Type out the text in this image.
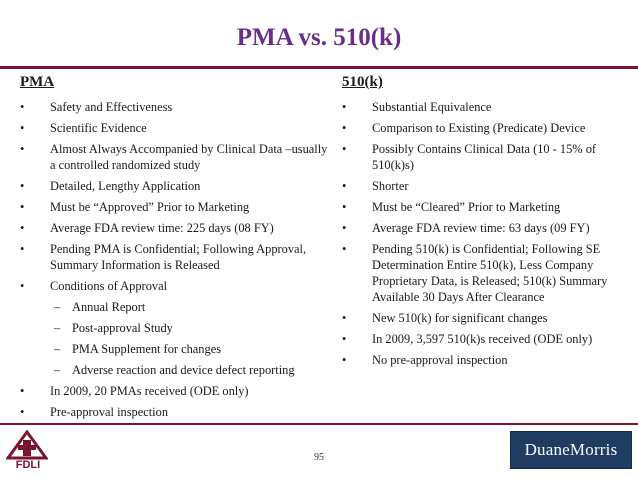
PMA vs. 510(k)
PMA
•	Safety and Effectiveness
•	Scientific Evidence
•	Almost Always Accompanied by Clinical Data –usually a controlled randomized study
•	Detailed, Lengthy Application
•	Must be “Approved” Prior to Marketing
•	Average FDA review time: 225 days (08 FY)
•	Pending PMA is Confidential; Following Approval, Summary Information is Released
•	Conditions of Approval
– Annual Report
– Post-approval Study
– PMA Supplement for changes
– Adverse reaction and device defect reporting
•	In 2009, 20 PMAs received (ODE only)
•	Pre-approval inspection
510(k)
•	Substantial Equivalence
•	Comparison to Existing (Predicate) Device
•	Possibly Contains Clinical Data (10 - 15% of 510(k)s)
•	Shorter
•	Must be “Cleared” Prior to Marketing
•	Average FDA review time: 63 days (09 FY)
•	Pending 510(k) is Confidential; Following SE Determination Entire 510(k), Less Company Proprietary Data, is Released; 510(k) Summary Available 30 Days After Clearance
•	New 510(k) for significant changes
•	In 2009, 3,597 510(k)s received (ODE only)
•	No pre-approval inspection
FDLI
95	DuaneMorris
